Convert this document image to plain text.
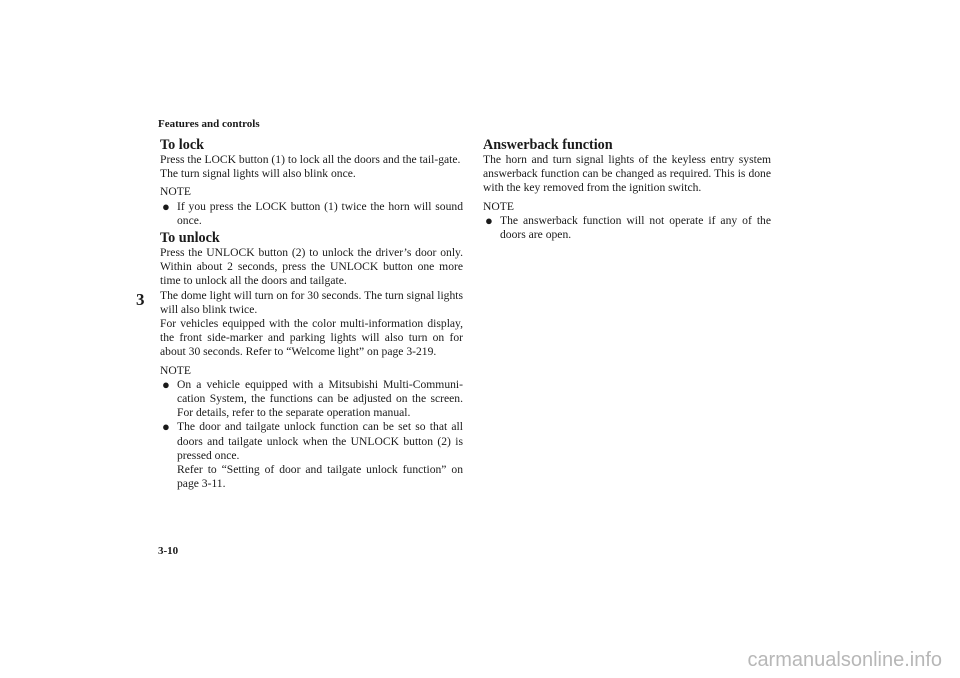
Features and controls
3
To lock

Press the LOCK button (1) to lock all the doors and the tail-gate.

The turn signal lights will also blink once.

NOTE

● If you press the LOCK button (1) twice the horn will sound once.
To unlock

Press the UNLOCK button (2) to unlock the driver’s door only. Within about 2 seconds, press the UNLOCK button one more time to unlock all the doors and tailgate.

The dome light will turn on for 30 seconds. The turn signal lights will also blink twice.

For vehicles equipped with the color multi-information display, the front side-marker and parking lights will also turn on for about 30 seconds. Refer to “Welcome light” on page 3-219.

NOTE

● On a vehicle equipped with a Mitsubishi Multi-Communi-cation System, the functions can be adjusted on the screen. For details, refer to the separate operation manual.
● The door and tailgate unlock function can be set so that all doors and tailgate unlock when the UNLOCK button (2) is pressed once.
Refer to “Setting of door and tailgate unlock function” on page 3-11.
Answerback function

The horn and turn signal lights of the keyless entry system answerback function can be changed as required. This is done with the key removed from the ignition switch.

NOTE

● The answerback function will not operate if any of the doors are open.
3-10
carmanualsonline.info
